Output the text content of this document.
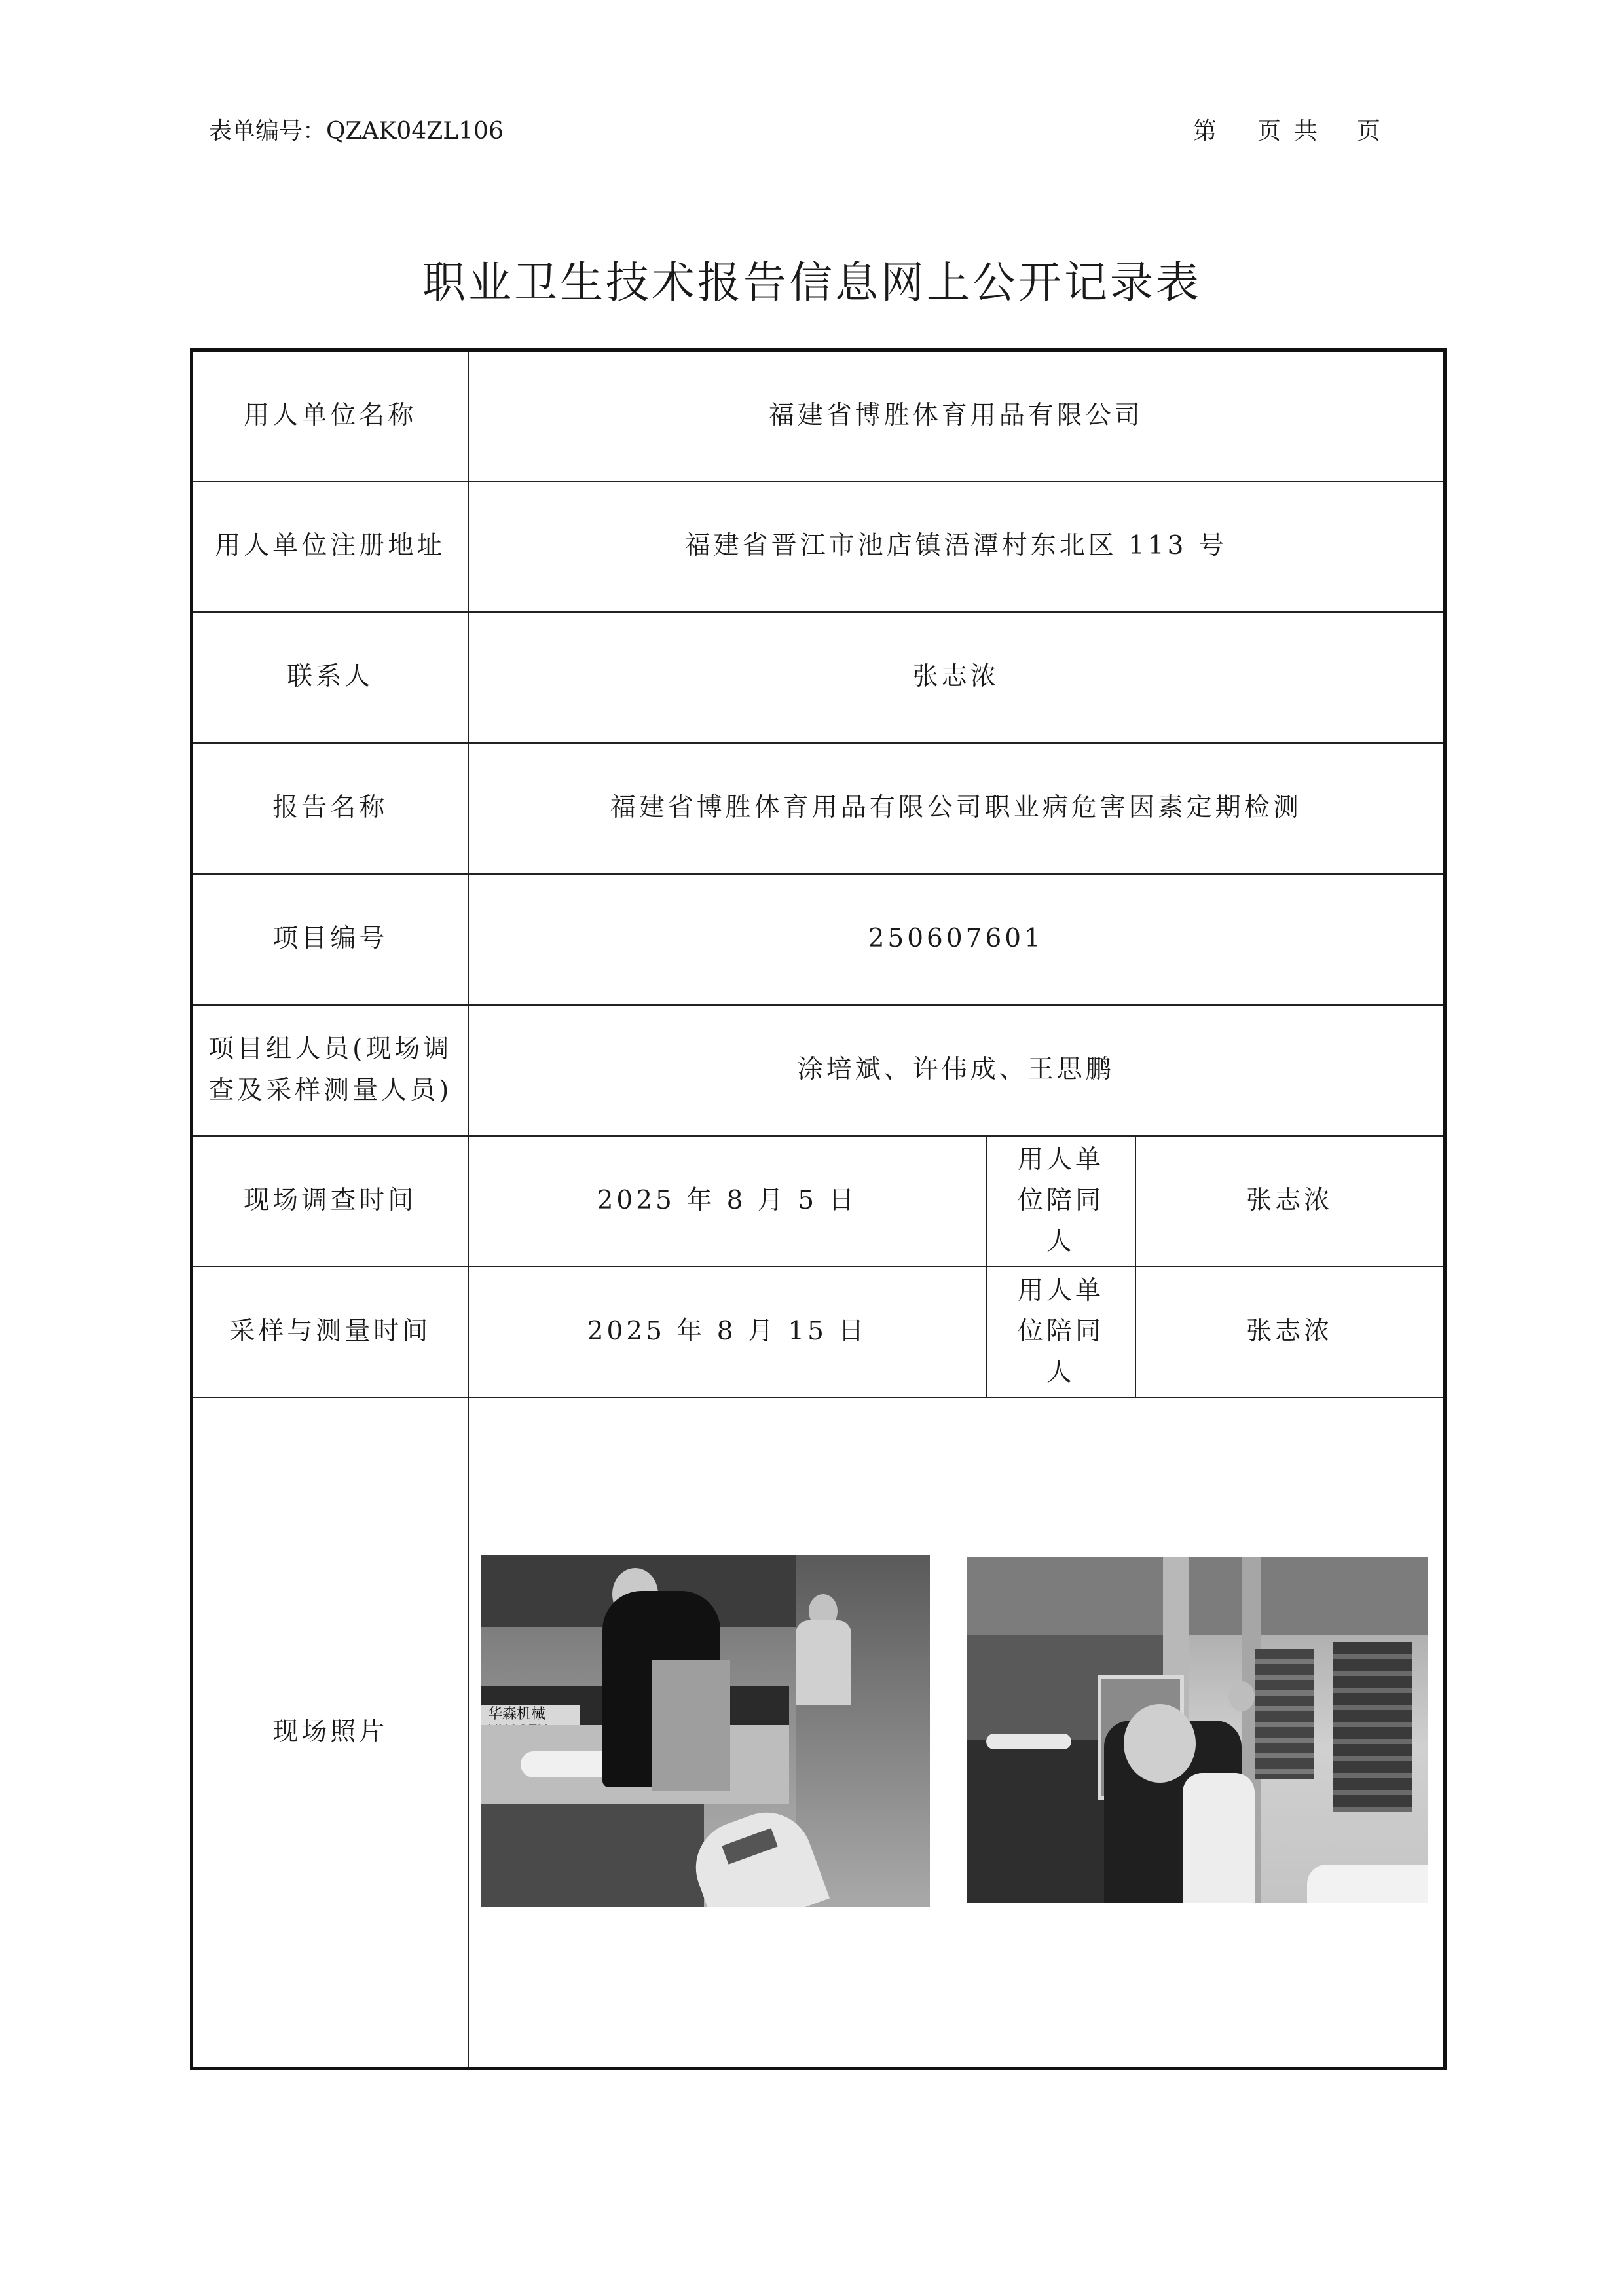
表单编号：QZAK04ZL106	第 页 共 页
职业卫生技术报告信息网上公开记录表
用人单位名称	福建省博胜体育用品有限公司		
用人单位注册地址	福建省晋江市池店镇浯潭村东北区 113 号		
联系人	张志浓		
报告名称	福建省博胜体育用品有限公司职业病危害因素定期检测		
项目编号	250607601		
项目组人员(现场调查及采样测量人员)	涂培斌、许伟成、王思鹏		
现场调查时间	2025 年 8 月 5 日	用人单位陪同人	张志浓
采样与测量时间	2025 年 8 月 15 日	用人单位陪同人	张志浓
现场照片			
华森机械
